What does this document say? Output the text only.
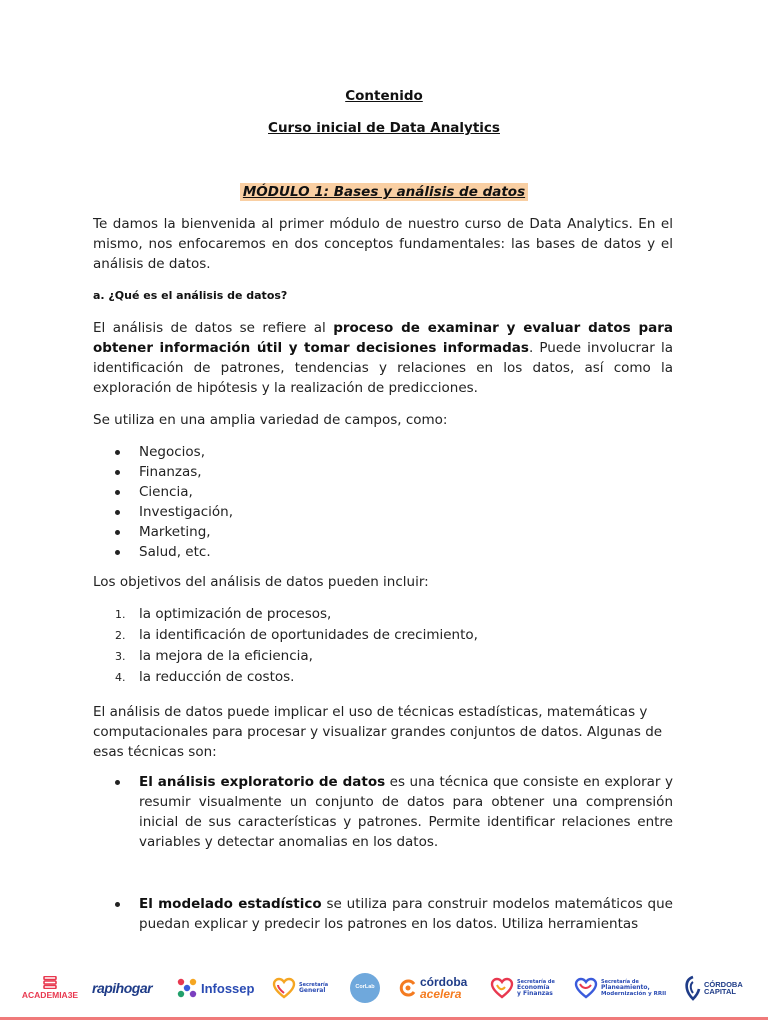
Contenido
Curso inicial de Data Analytics
MÓDULO 1: Bases y análisis de datos
Te damos la bienvenida al primer módulo de nuestro curso de Data Analytics. En el mismo, nos enfocaremos en dos conceptos fundamentales: las bases de datos y el análisis de datos.
a. ¿Qué es el análisis de datos?
El análisis de datos se refiere al proceso de examinar y evaluar datos para obtener información útil y tomar decisiones informadas. Puede involucrar la identificación de patrones, tendencias y relaciones en los datos, así como la exploración de hipótesis y la realización de predicciones.
Se utiliza en una amplia variedad de campos, como:
Negocios,
Finanzas,
Ciencia,
Investigación,
Marketing,
Salud, etc.
Los objetivos del análisis de datos pueden incluir:
1. la optimización de procesos,
2. la identificación de oportunidades de crecimiento,
3. la mejora de la eficiencia,
4. la reducción de costos.
El análisis de datos puede implicar el uso de técnicas estadísticas, matemáticas y computacionales para procesar y visualizar grandes conjuntos de datos. Algunas de esas técnicas son:
El análisis exploratorio de datos es una técnica que consiste en explorar y resumir visualmente un conjunto de datos para obtener una comprensión inicial de sus características y patrones. Permite identificar relaciones entre variables y detectar anomalias en los datos.
El modelado estadístico se utiliza para construir modelos matemáticos que puedan explicar y predecir los patrones en los datos. Utiliza herramientas
ACADEMIA3E rapihogar	Infossep	Secretaría
General	CorLab	córdoba
acelera
Secretaría de
Economía
y Finanzas
Secretaría de
Planeamiento,
Modernización y RRII
CÓRDOBA
CAPITAL
